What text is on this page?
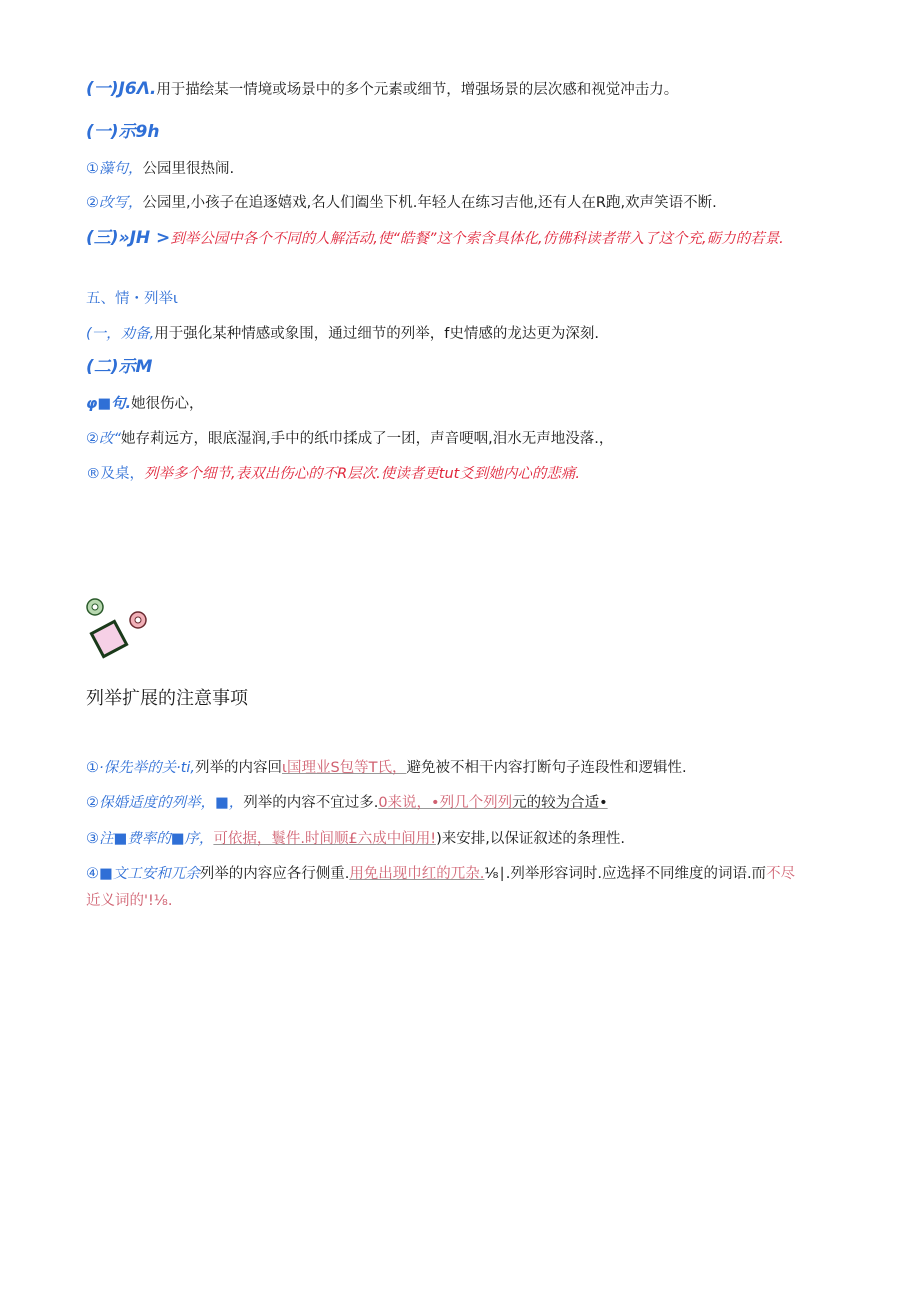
(一)J6Λ.用于描绘某一情境或场景中的多个元素或细节，增强场景的层次感和视觉冲击力。
(一)示9h
①藻句，公园里很热闹.
②改写，公园里,小孩子在追逐嬉戏,名人们阖坐下机.年轻人在练习吉他,还有人在R跑,欢声笑语不断.
(三)»JH >到举公园中各个不同的人解活动,使“皓餐”这个索含具体化,仿佛科读者带入了这个充,砺力的若景.
五、情・列举ι
(一，劝备,用于强化某种情感或象围，通过细节的列举，f史情感的龙达更为深刻.
(二)示M
φ■句.她很伤心，
②改“她存莉远方，眼底湿润,手中的纸巾揉成了一团，声音哽咽,泪水无声地没落.，
®及桌，列举多个细节,表双出伤心的不R层次.使读者更tut爻到她内心的悲痛.
列举扩展的注意事项
①·保先举的关·ti,列举的内容回ι国理业S包等T氏，避免被不相干内容打断句子连段性和逻辑性.
②保婚适度的列举，■，列举的内容不宜过多.0来说，•列几个列列元的较为合适•
③注■费率的■序，可依据，鬟件.时间顺£六成中间用!)来安排,以保证叙述的条理性.
④■文工安和兀余列举的内容应各行侧重.用免出现巾红的兀杂.⅛∣.列举形容词时.应选择不同维度的词语.而不尽
近义词的'!⅛.
